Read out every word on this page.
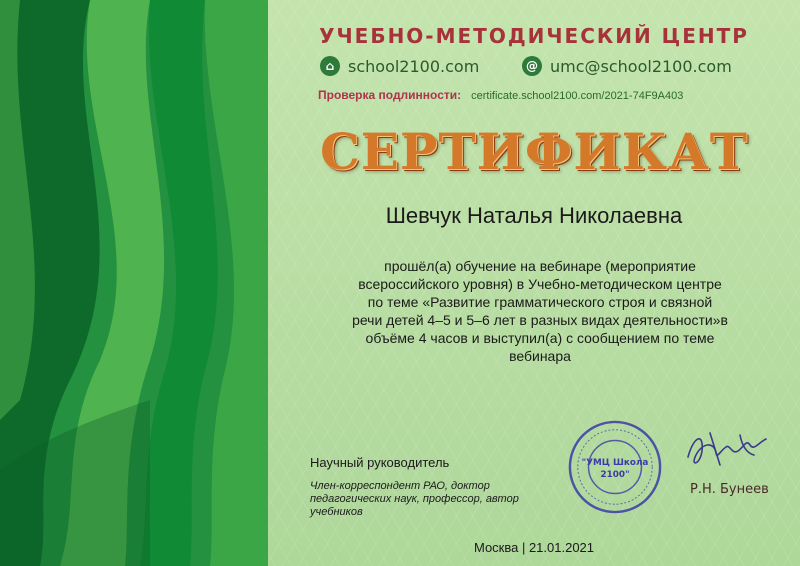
УЧЕБНО-МЕТОДИЧЕСКИЙ ЦЕНТР
⌂ school2100.com	@ umc@school2100.com
Проверка подлинности: certificate.school2100.com/2021-74F9A403
СЕРТИФИКАТ
Шевчук Наталья Николаевна
прошёл(а) обучение на вебинаре (мероприятие
всероссийского уровня) в Учебно-методическом центре
по теме «Развитие грамматического строя и связной
речи детей 4–5 и 5–6 лет в разных видах деятельности»в
объёме 4 часов и выступил(а) с сообщением по теме
вебинара
Научный руководитель
Член-корреспондент РАО, доктор
педагогических наук, профессор, автор
учебников
"УМЦ Школа
2100"
Р.Н. Бунеев
Москва | 21.01.2021
